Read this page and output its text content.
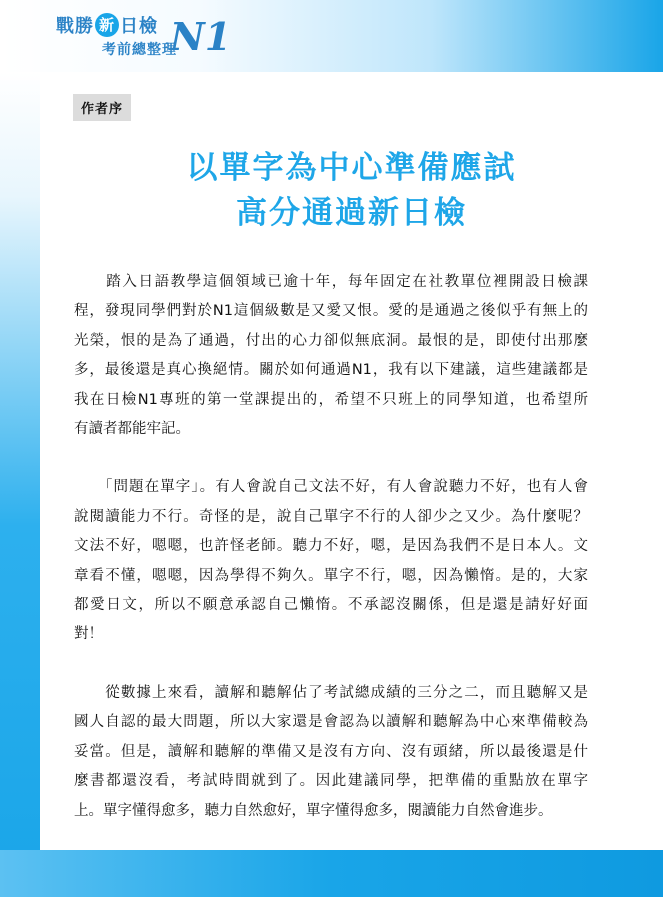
戰勝 新 日檢
考前總整理
N1
作者序
以單字為中心準備應試
高分通過新日檢
　　踏入日語教學這個領域已逾十年，每年固定在社教單位裡開設日檢課
程，發現同學們對於N1這個級數是又愛又恨。愛的是通過之後似乎有無上的
光榮，恨的是為了通過，付出的心力卻似無底洞。最恨的是，即使付出那麼
多，最後還是真心換絕情。關於如何通過N1，我有以下建議，這些建議都是
我在日檢N1專班的第一堂課提出的，希望不只班上的同學知道，也希望所
有讀者都能牢記。
　　「問題在單字」。有人會說自己文法不好，有人會說聽力不好，也有人會
說閱讀能力不行。奇怪的是，說自己單字不行的人卻少之又少。為什麼呢？
文法不好，嗯嗯，也許怪老師。聽力不好，嗯，是因為我們不是日本人。文
章看不懂，嗯嗯，因為學得不夠久。單字不行，嗯，因為懶惰。是的，大家
都愛日文，所以不願意承認自己懶惰。不承認沒關係，但是還是請好好面
對！
　　從數據上來看，讀解和聽解佔了考試總成績的三分之二，而且聽解又是
國人自認的最大問題，所以大家還是會認為以讀解和聽解為中心來準備較為
妥當。但是，讀解和聽解的準備又是沒有方向、沒有頭緒，所以最後還是什
麼書都還沒看，考試時間就到了。因此建議同學，把準備的重點放在單字
上。單字懂得愈多，聽力自然愈好，單字懂得愈多，閱讀能力自然會進步。
